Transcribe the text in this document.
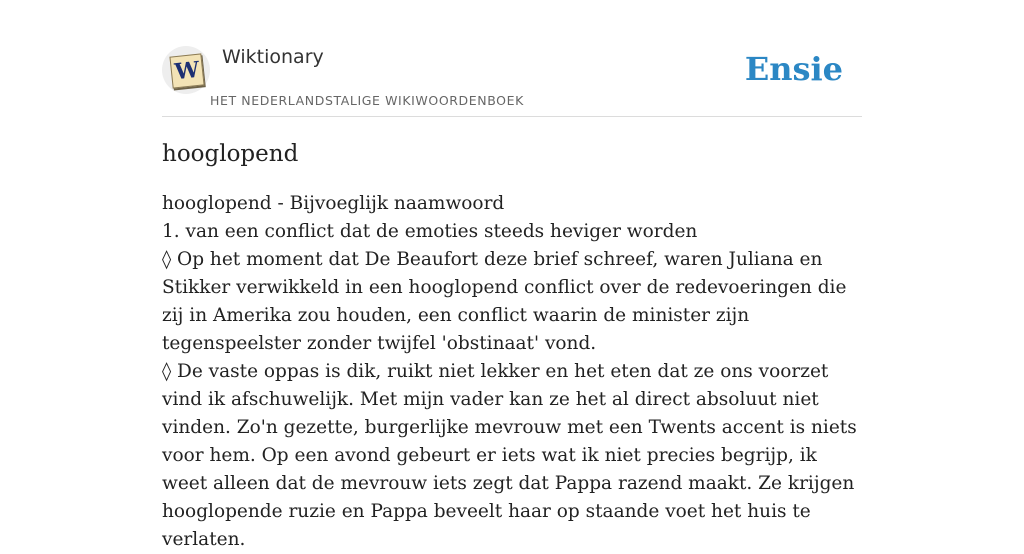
W Wiktionary
HET NEDERLANDSTALIGE WIKIWOORDENBOEK
Ensie
hooglopend

hooglopend - Bijvoeglijk naamwoord

1. van een conflict dat de emoties steeds heviger worden

◊ Op het moment dat De Beaufort deze brief schreef, waren Juliana en Stikker verwikkeld in een hooglopend conflict over de redevoeringen die zij in Amerika zou houden, een conflict waarin de minister zijn tegenspeelster zonder twijfel 'obstinaat' vond.

◊ De vaste oppas is dik, ruikt niet lekker en het eten dat ze ons voorzet vind ik afschuwelijk. Met mijn vader kan ze het al direct absoluut niet vinden. Zo'n gezette, burgerlijke mevrouw met een Twents accent is niets voor hem. Op een avond gebeurt er iets wat ik niet precies begrijp, ik weet alleen dat de mevrouw iets zegt dat Pappa razend maakt. Ze krijgen hooglopende ruzie en Pappa beveelt haar op staande voet het huis te verlaten.
